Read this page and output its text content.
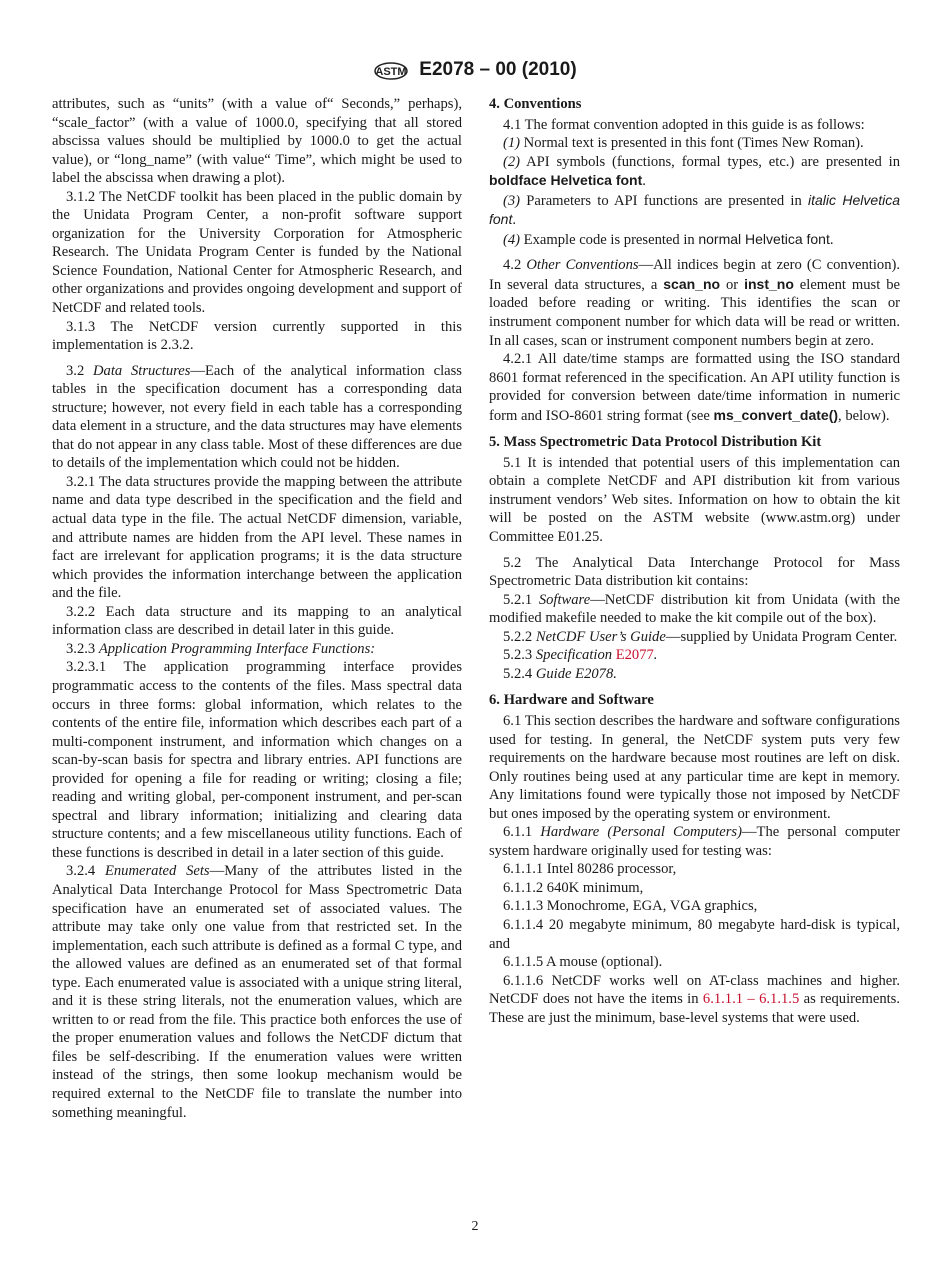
ASTM E2078 – 00 (2010)

attributes, such as “units” (with a value of“ Seconds,” perhaps), “scale_factor” (with a value of 1000.0, specifying that all stored abscissa values should be multiplied by 1000.0 to get the actual value), or “long_name” (with value“ Time”, which might be used to label the abscissa when drawing a plot).

3.1.2 The NetCDF toolkit has been placed in the public domain by the Unidata Program Center, a non-profit software support organization for the University Corporation for Atmospheric Research. The Unidata Program Center is funded by the National Science Foundation, National Center for Atmospheric Research, and other organizations and provides ongoing development and support of NetCDF and related tools.

3.1.3 The NetCDF version currently supported in this implementation is 2.3.2.

3.2 Data Structures—Each of the analytical information class tables in the specification document has a corresponding data structure; however, not every field in each table has a corresponding data element in a structure, and the data structures may have elements that do not appear in any class table. Most of these differences are due to details of the implementation which could not be hidden.

3.2.1 The data structures provide the mapping between the attribute name and data type described in the specification and the field and actual data type in the file. The actual NetCDF dimension, variable, and attribute names are hidden from the API level. These names in fact are irrelevant for application programs; it is the data structure which provides the information interchange between the application and the file.

3.2.2 Each data structure and its mapping to an analytical information class are described in detail later in this guide.

3.2.3 Application Programming Interface Functions:

3.2.3.1 The application programming interface provides programmatic access to the contents of the files. Mass spectral data occurs in three forms: global information, which relates to the contents of the entire file, information which describes each part of a multi-component instrument, and information which changes on a scan-by-scan basis for spectra and library entries. API functions are provided for opening a file for reading or writing; closing a file; reading and writing global, per-component instrument, and per-scan spectral and library information; initializing and clearing data structure contents; and a few miscellaneous utility functions. Each of these functions is described in detail in a later section of this guide.

3.2.4 Enumerated Sets—Many of the attributes listed in the Analytical Data Interchange Protocol for Mass Spectrometric Data specification have an enumerated set of associated values. The attribute may take only one value from that restricted set. In the implementation, each such attribute is defined as a formal C type, and the allowed values are defined as an enumerated set of that formal type. Each enumerated value is associated with a unique string literal, and it is these string literals, not the enumeration values, which are written to or read from the file. This practice both enforces the use of the proper enumeration values and follows the NetCDF dictum that files be self-describing. If the enumeration values were written instead of the strings, then some lookup mechanism would be required external to the NetCDF file to translate the number into something meaningful.

4. Conventions

4.1 The format convention adopted in this guide is as follows:

(1) Normal text is presented in this font (Times New Roman).

(2) API symbols (functions, formal types, etc.) are presented in boldface Helvetica font.

(3) Parameters to API functions are presented in italic Helvetica font.

(4) Example code is presented in normal Helvetica font.

4.2 Other Conventions—All indices begin at zero (C convention). In several data structures, a scan_no or inst_no element must be loaded before reading or writing. This identifies the scan or instrument component number for which data will be read or written. In all cases, scan or instrument component numbers begin at zero.

4.2.1 All date/time stamps are formatted using the ISO standard 8601 format referenced in the specification. An API utility function is provided for conversion between date/time information in numeric form and ISO-8601 string format (see ms_convert_date(), below).

5. Mass Spectrometric Data Protocol Distribution Kit

5.1 It is intended that potential users of this implementation can obtain a complete NetCDF and API distribution kit from various instrument vendors’ Web sites. Information on how to obtain the kit will be posted on the ASTM website (www.astm.org) under Committee E01.25.

5.2 The Analytical Data Interchange Protocol for Mass Spectrometric Data distribution kit contains:

5.2.1 Software—NetCDF distribution kit from Unidata (with the modified makefile needed to make the kit compile out of the box).

5.2.2 NetCDF User’s Guide—supplied by Unidata Program Center.

5.2.3 Specification E2077.

5.2.4 Guide E2078.

6. Hardware and Software

6.1 This section describes the hardware and software configurations used for testing. In general, the NetCDF system puts very few requirements on the hardware because most routines are left on disk. Only routines being used at any particular time are kept in memory. Any limitations found were typically those not imposed by NetCDF but ones imposed by the operating system or environment.

6.1.1 Hardware (Personal Computers)—The personal computer system hardware originally used for testing was:

6.1.1.1 Intel 80286 processor,

6.1.1.2 640K minimum,

6.1.1.3 Monochrome, EGA, VGA graphics,

6.1.1.4 20 megabyte minimum, 80 megabyte hard-disk is typical, and

6.1.1.5 A mouse (optional).

6.1.1.6 NetCDF works well on AT-class machines and higher. NetCDF does not have the items in 6.1.1.1 – 6.1.1.5 as requirements. These are just the minimum, base-level systems that were used.

2
